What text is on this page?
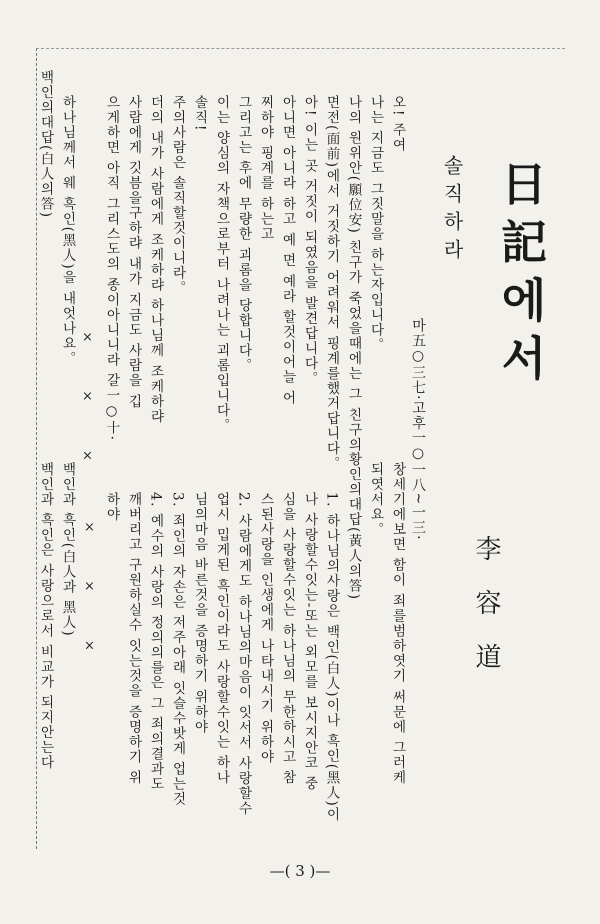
日記에서
솔직하라
마五○三七·고후一○一八~一三·
李容道
오! 주여
나는 지금도 그짓말을 하는자입니다。
나의 원위안(願位安) 친구가 죽었을때에는 그 친구의
면전(面前)에서 거짓하기 어려워서 핑계를했거답니다。
아! 이는 곳 거짓이 되였음을 발견답니다。
아니면 아니라 하고 예 면 예라 할것이어늘 어
찌하야 핑계를 하는고
그리고는 후에 무량한 괴롬을 당합니다。
이는 양심의 자책으로부터 나려나는 괴롬입니다。
솔직!
주의사람은 솔직할것이니라。
더의 내가 사람에게 조케하랴 하나님께 조케하랴
사람에게 깃븜을구하랴 내가 지금도 사람을 깁
으게하면 아직 그리스도의 종이아니니라 갈一○十·
× × ×
하나님께서 웨 흑인(黑人)을 내엇나요。
백인의대답(白人의答)
창세기에보면 함이 죄를범하엿기 써문에 그러케
되엿서요。
황인의대답(黃人의答)
1. 하나님의사랑은 백인(白人)이나 흑인(黑人)이
나 사랑할수잇는-또는 외모를 보시지안코 중
심을 사랑할수잇는 하나님의 무한하시고 참
스된사랑을 인생에게 나타내시기 위하야
2. 사람에게도 하나님의마음이 잇서서 사랑할수
업시 밉게된 흑인이라도 사랑할수잇는 하나
님의마음 바른것을 증명하기 위하야
3. 죄인의 자손은 저주아래 잇슬수밧게 업는것
4. 예수의 사랑의 정의의를은 그 죄의결과도
깨버리고 구원하실수 잇는것을 증명하기 위
하야
× × ×
백인과 흑인(白人과 黑人)
백인과 흑인은 사랑으로서 비교가 되지안는다
—( 3 )—
